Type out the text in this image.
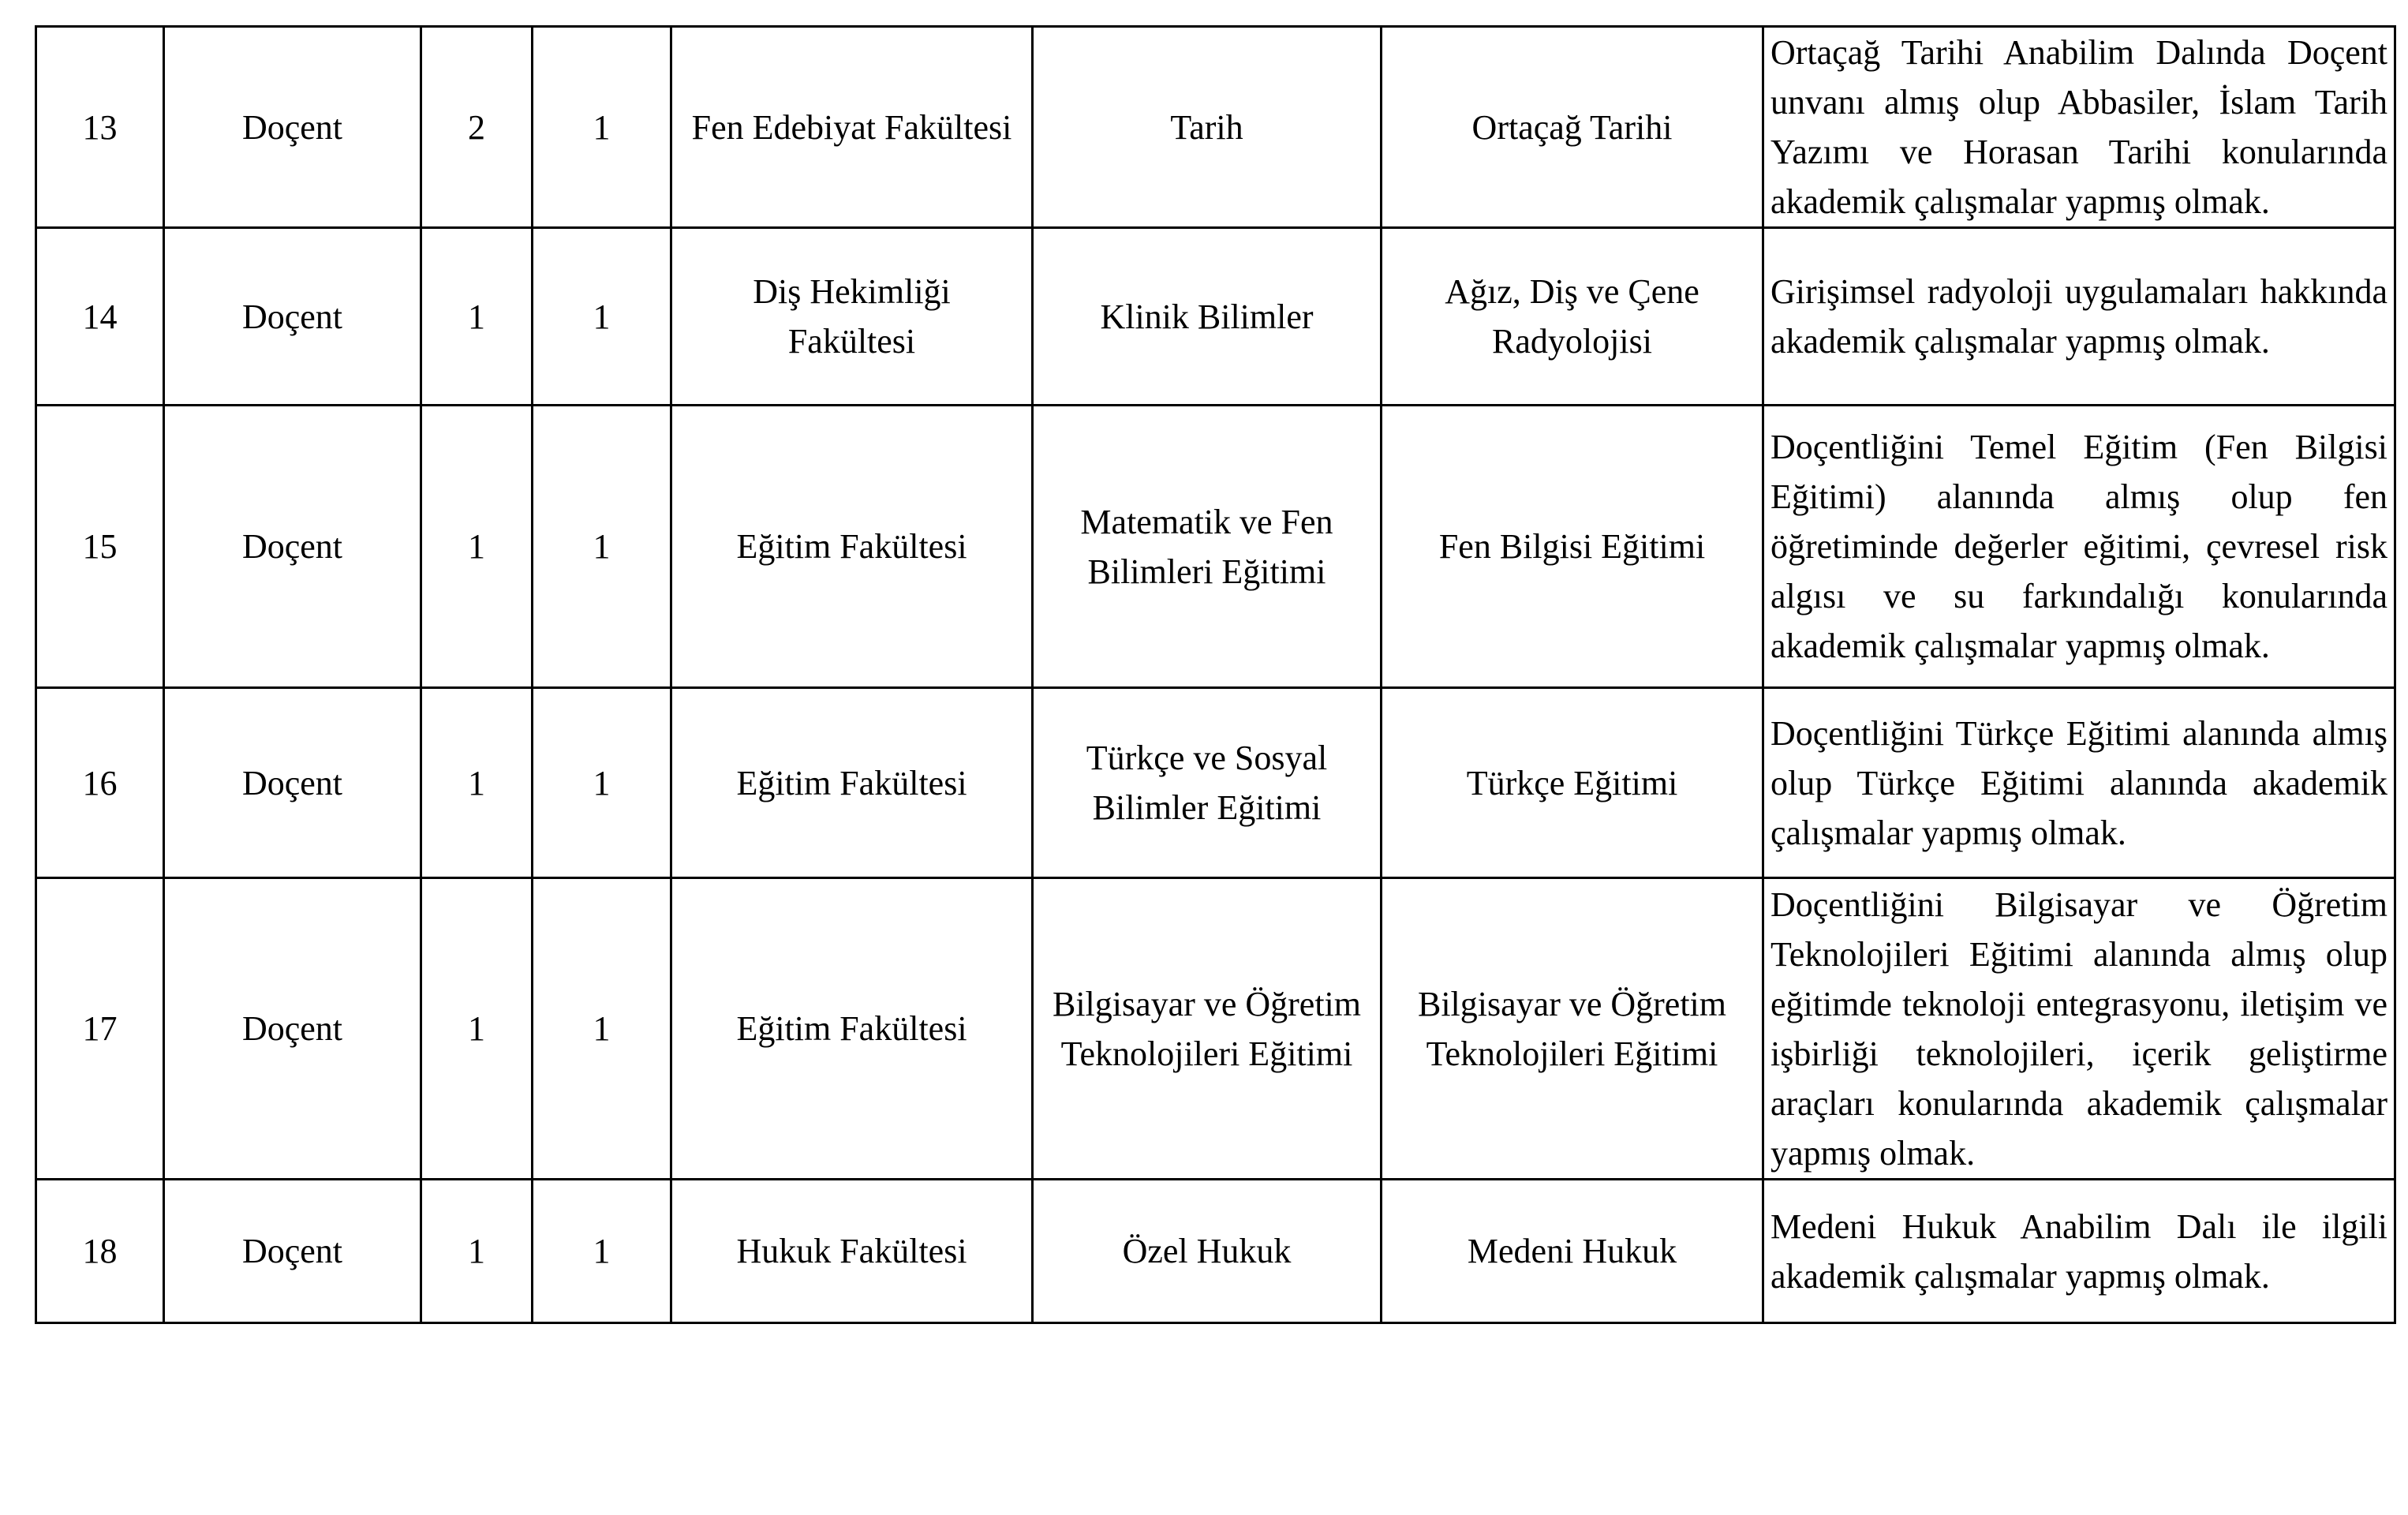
13	Doçent	2	1	Fen Edebiyat Fakültesi	Tarih	Ortaçağ Tarihi	Ortaçağ Tarihi Anabilim Dalında Doçent unvanı almış olup Abbasiler, İslam Tarih Yazımı ve Horasan Tarihi konularında akademik çalışmalar yapmış olmak.
14	Doçent	1	1	Diş Hekimliği Fakültesi	Klinik Bilimler	Ağız, Diş ve Çene Radyolojisi	Girişimsel radyoloji uygulamaları hakkında akademik çalışmalar yapmış olmak.
15	Doçent	1	1	Eğitim Fakültesi	Matematik ve Fen Bilimleri Eğitimi	Fen Bilgisi Eğitimi	Doçentliğini Temel Eğitim (Fen Bilgisi Eğitimi) alanında almış olup fen öğretiminde değerler eğitimi, çevresel risk algısı ve su farkındalığı konularında akademik çalışmalar yapmış olmak.
16	Doçent	1	1	Eğitim Fakültesi	Türkçe ve Sosyal Bilimler Eğitimi	Türkçe Eğitimi	Doçentliğini Türkçe Eğitimi alanında almış olup Türkçe Eğitimi alanında akademik çalışmalar yapmış olmak.
17	Doçent	1	1	Eğitim Fakültesi	Bilgisayar ve Öğretim Teknolojileri Eğitimi	Bilgisayar ve Öğretim Teknolojileri Eğitimi	Doçentliğini Bilgisayar ve Öğretim Teknolojileri Eğitimi alanında almış olup eğitimde teknoloji entegrasyonu, iletişim ve işbirliği teknolojileri, içerik geliştirme araçları konularında akademik çalışmalar yapmış olmak.
18	Doçent	1	1	Hukuk Fakültesi	Özel Hukuk	Medeni Hukuk	Medeni Hukuk Anabilim Dalı ile ilgili akademik çalışmalar yapmış olmak.
